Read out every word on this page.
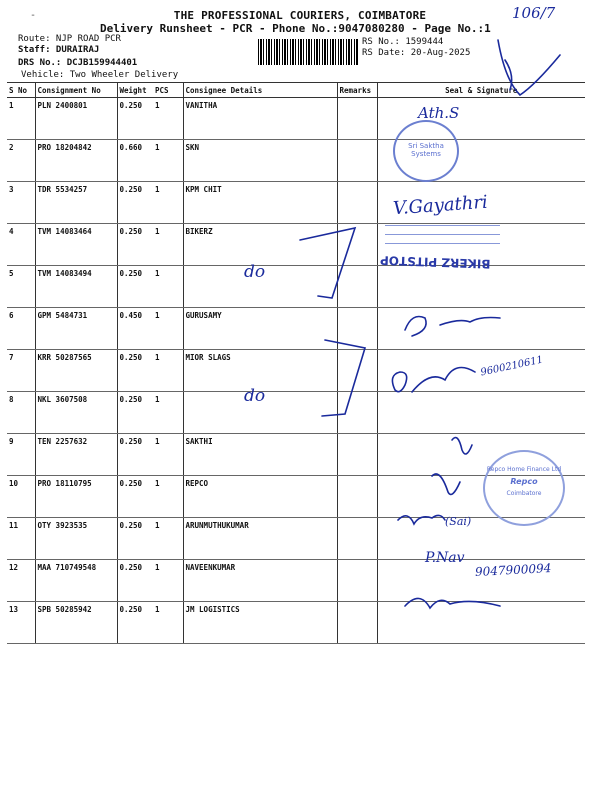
-	THE PROFESSIONAL COURIERS, COIMBATORE
Delivery Runsheet - PCR - Phone No.:9047080280 - Page No.:1
Route: NJP ROAD PCR
Staff: DURAIRAJ
DRS No.: DCJB159944401
Vehicle: Two Wheeler Delivery
RS No.: 1599444
RS Date: 20-Aug-2025
106/7
S No	Consignment No	Weight	PCS	Consignee Details	Remarks	Seal & Signature
1	PLN 2400801	0.250	1	VANITHA		
2	PRO 18204842	0.660	1	SKN		
3	TDR 5534257	0.250	1	KPM CHIT		
4	TVM 14083464	0.250	1	BIKERZ		
5	TVM 14083494	0.250	1			
6	GPM 5484731	0.450	1	GURUSAMY		
7	KRR 50287565	0.250	1	MIOR SLAGS		
8	NKL 3607508	0.250	1			
9	TEN 2257632	0.250	1	SAKTHI		
10	PRO 18110795	0.250	1	REPCO		
11	OTY 3923535	0.250	1	ARUNMUTHUKUMAR		
12	MAA 710749548	0.250	1	NAVEENKUMAR		
13	SPB 50285942	0.250	1	JM LOGISTICS		
Ath.S
Sri Saktha Systems
V.Gayathri
BIKERZ PITSTOP
do
do
9600210611
Repco Home Finance Ltd
Repco
Coimbatore
(Sai)
P.Nav
9047900094
